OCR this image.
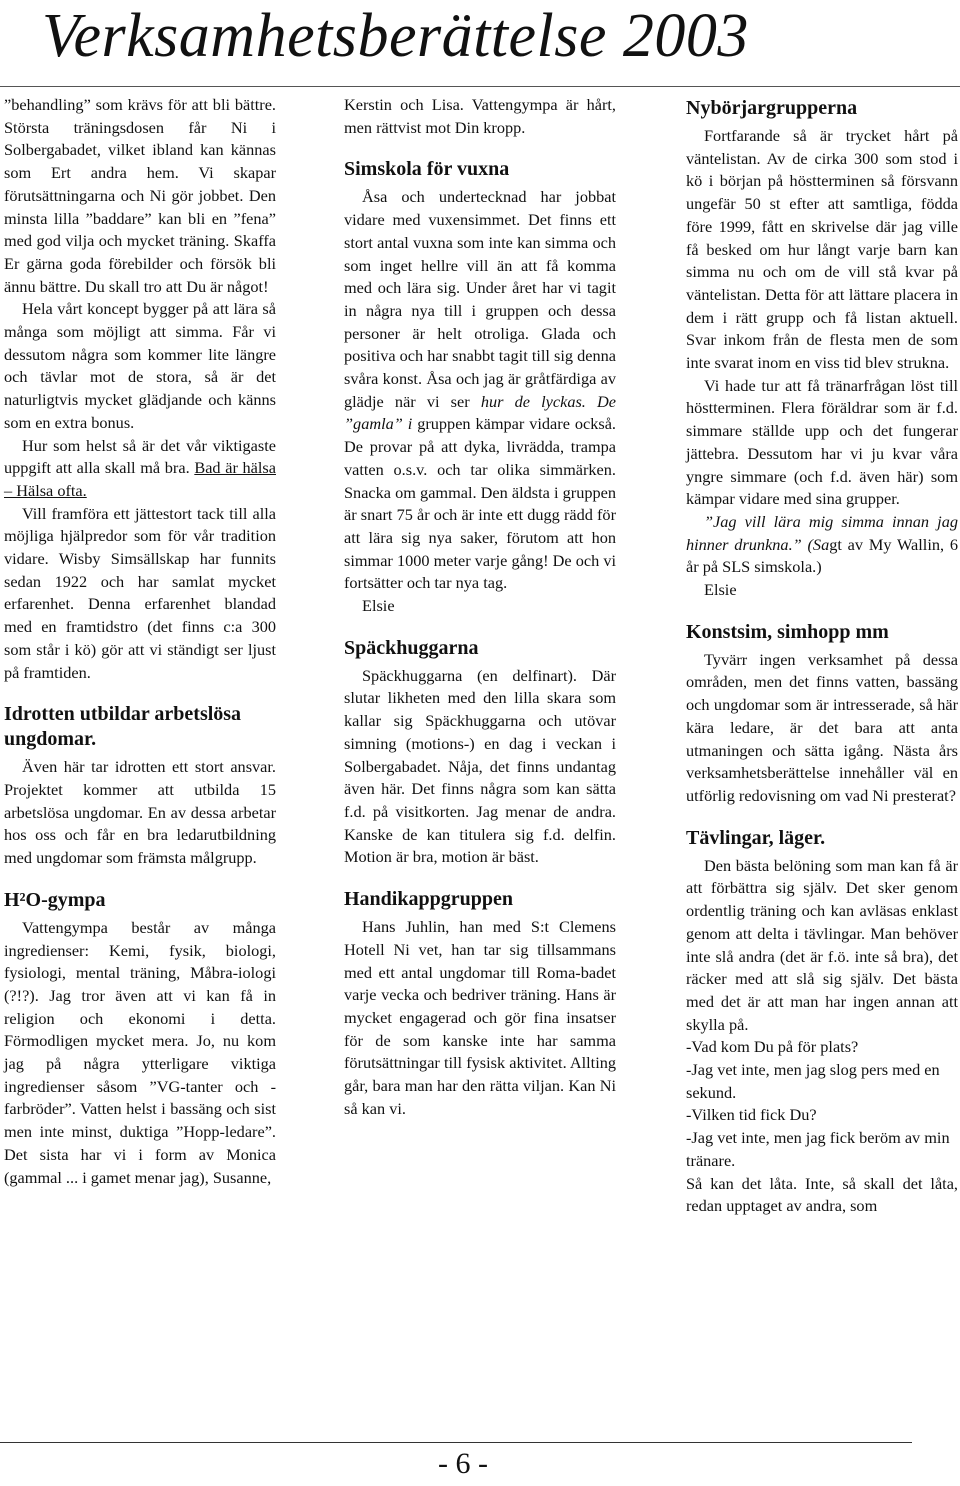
Verksamhetsberättelse 2003

”behandling” som krävs för att bli bättre. Största träningsdosen får Ni i Solbergabadet, vilket ibland kan kännas som Ert andra hem. Vi skapar förutsättningarna och Ni gör jobbet. Den minsta lilla ”baddare” kan bli en ”fena” med god vilja och mycket träning. Skaffa Er gärna goda förebilder och försök bli ännu bättre. Du skall tro att Du är något!

Hela vårt koncept bygger på att lära så många som möjligt att simma. Får vi dessutom några som kommer lite längre och tävlar mot de stora, så är det naturligtvis mycket glädjande och känns som en extra bonus.

Hur som helst så är det vår viktigaste uppgift att alla skall må bra. Bad är hälsa – Hälsa ofta.

Vill framföra ett jättestort tack till alla möjliga hjälpredor som för vår tradition vidare. Wisby Simsällskap har funnits sedan 1922 och har samlat mycket erfarenhet. Denna erfarenhet blandad med en framtidstro (det finns c:a 300 som står i kö) gör att vi ständigt ser ljust på framtiden.

Idrotten utbildar arbetslösa ungdomar.

Även här tar idrotten ett stort ansvar. Projektet kommer att utbilda 15 arbetslösa ungdomar. En av dessa arbetar hos oss och får en bra ledarutbildning med ungdomar som främsta målgrupp.

H²O-gympa

Vattengympa består av många ingredienser: Kemi, fysik, biologi, fysiologi, mental träning, Måbra-iologi (?!?). Jag tror även att vi kan få in religion och ekonomi i detta. Förmodligen mycket mera. Jo, nu kom jag på några ytterligare viktiga ingredienser såsom ”VG-tanter och -farbröder”. Vatten helst i bassäng och sist men inte minst, duktiga ”Hopp-ledare”. Det sista har vi i form av Monica (gammal ... i gamet menar jag), Susanne,

Kerstin och Lisa. Vattengympa är hårt, men rättvist mot Din kropp.

Simskola för vuxna

Åsa och undertecknad har jobbat vidare med vuxensimmet. Det finns ett stort antal vuxna som inte kan simma och som inget hellre vill än att få komma med och lära sig. Under året har vi tagit in några nya till i gruppen och dessa personer är helt otroliga. Glada och positiva och har snabbt tagit till sig denna svåra konst. Åsa och jag är gråtfärdiga av glädje när vi ser hur de lyckas. De ”gamla” i gruppen kämpar vidare också. De provar på att dyka, livrädda, trampa vatten o.s.v. och tar olika simmärken. Snacka om gammal. Den äldsta i gruppen är snart 75 år och är inte ett dugg rädd för att lära sig nya saker, förutom att hon simmar 1000 meter varje gång! De och vi fortsätter och tar nya tag.

Elsie

Späckhuggarna

Späckhuggarna (en delfinart). Där slutar likheten med den lilla skara som kallar sig Späckhuggarna och utövar simning (motions-) en dag i veckan i Solbergabadet. Nåja, det finns undantag även här. Det finns några som kan sätta f.d. på visitkorten. Jag menar de andra. Kanske de kan titulera sig f.d. delfin. Motion är bra, motion är bäst.

Handikappgruppen

Hans Juhlin, han med S:t Clemens Hotell Ni vet, han tar sig tillsammans med ett antal ungdomar till Roma-badet varje vecka och bedriver träning. Hans är mycket engagerad och gör fina insatser för de som kanske inte har samma förutsättningar till fysisk aktivitet. Allting går, bara man har den rätta viljan. Kan Ni så kan vi.

Nybörjargrupperna

Fortfarande så är trycket hårt på väntelistan. Av de cirka 300 som stod i kö i början på höstterminen så försvann ungefär 50 st efter att samtliga, födda före 1999, fått en skrivelse där jag ville få besked om hur långt varje barn kan simma nu och om de vill stå kvar på väntelistan. Detta för att lättare placera in dem i rätt grupp och få listan aktuell. Svar inkom från de flesta men de som inte svarat inom en viss tid blev strukna.

Vi hade tur att få tränarfrågan löst till höstterminen. Flera föräldrar som är f.d. simmare ställde upp och det fungerar jättebra. Dessutom har vi ju kvar våra yngre simmare (och f.d. även här) som kämpar vidare med sina grupper.

”Jag vill lära mig simma innan jag hinner drunkna.” (Sagt av My Wallin, 6 år på SLS simskola.)

Elsie

Konstsim, simhopp mm

Tyvärr ingen verksamhet på dessa områden, men det finns vatten, bassäng och ungdomar som är intresserade, så här kära ledare, är det bara att anta utmaningen och sätta igång. Nästa års verksamhetsberättelse innehåller väl en utförlig redovisning om vad Ni presterat?

Tävlingar, läger.

Den bästa belöning som man kan få är att förbättra sig själv. Det sker genom ordentlig träning och kan avläsas enklast genom att delta i tävlingar. Man behöver inte slå andra (det är f.ö. inte så bra), det räcker med att slå sig själv. Det bästa med det är att man har ingen annan att skylla på.

-Vad kom Du på för plats?

-Jag vet inte, men jag slog pers med en sekund.

-Vilken tid fick Du?

-Jag vet inte, men jag fick beröm av min tränare.

Så kan det låta. Inte, så skall det låta, redan upptaget av andra, som

- 6 -
